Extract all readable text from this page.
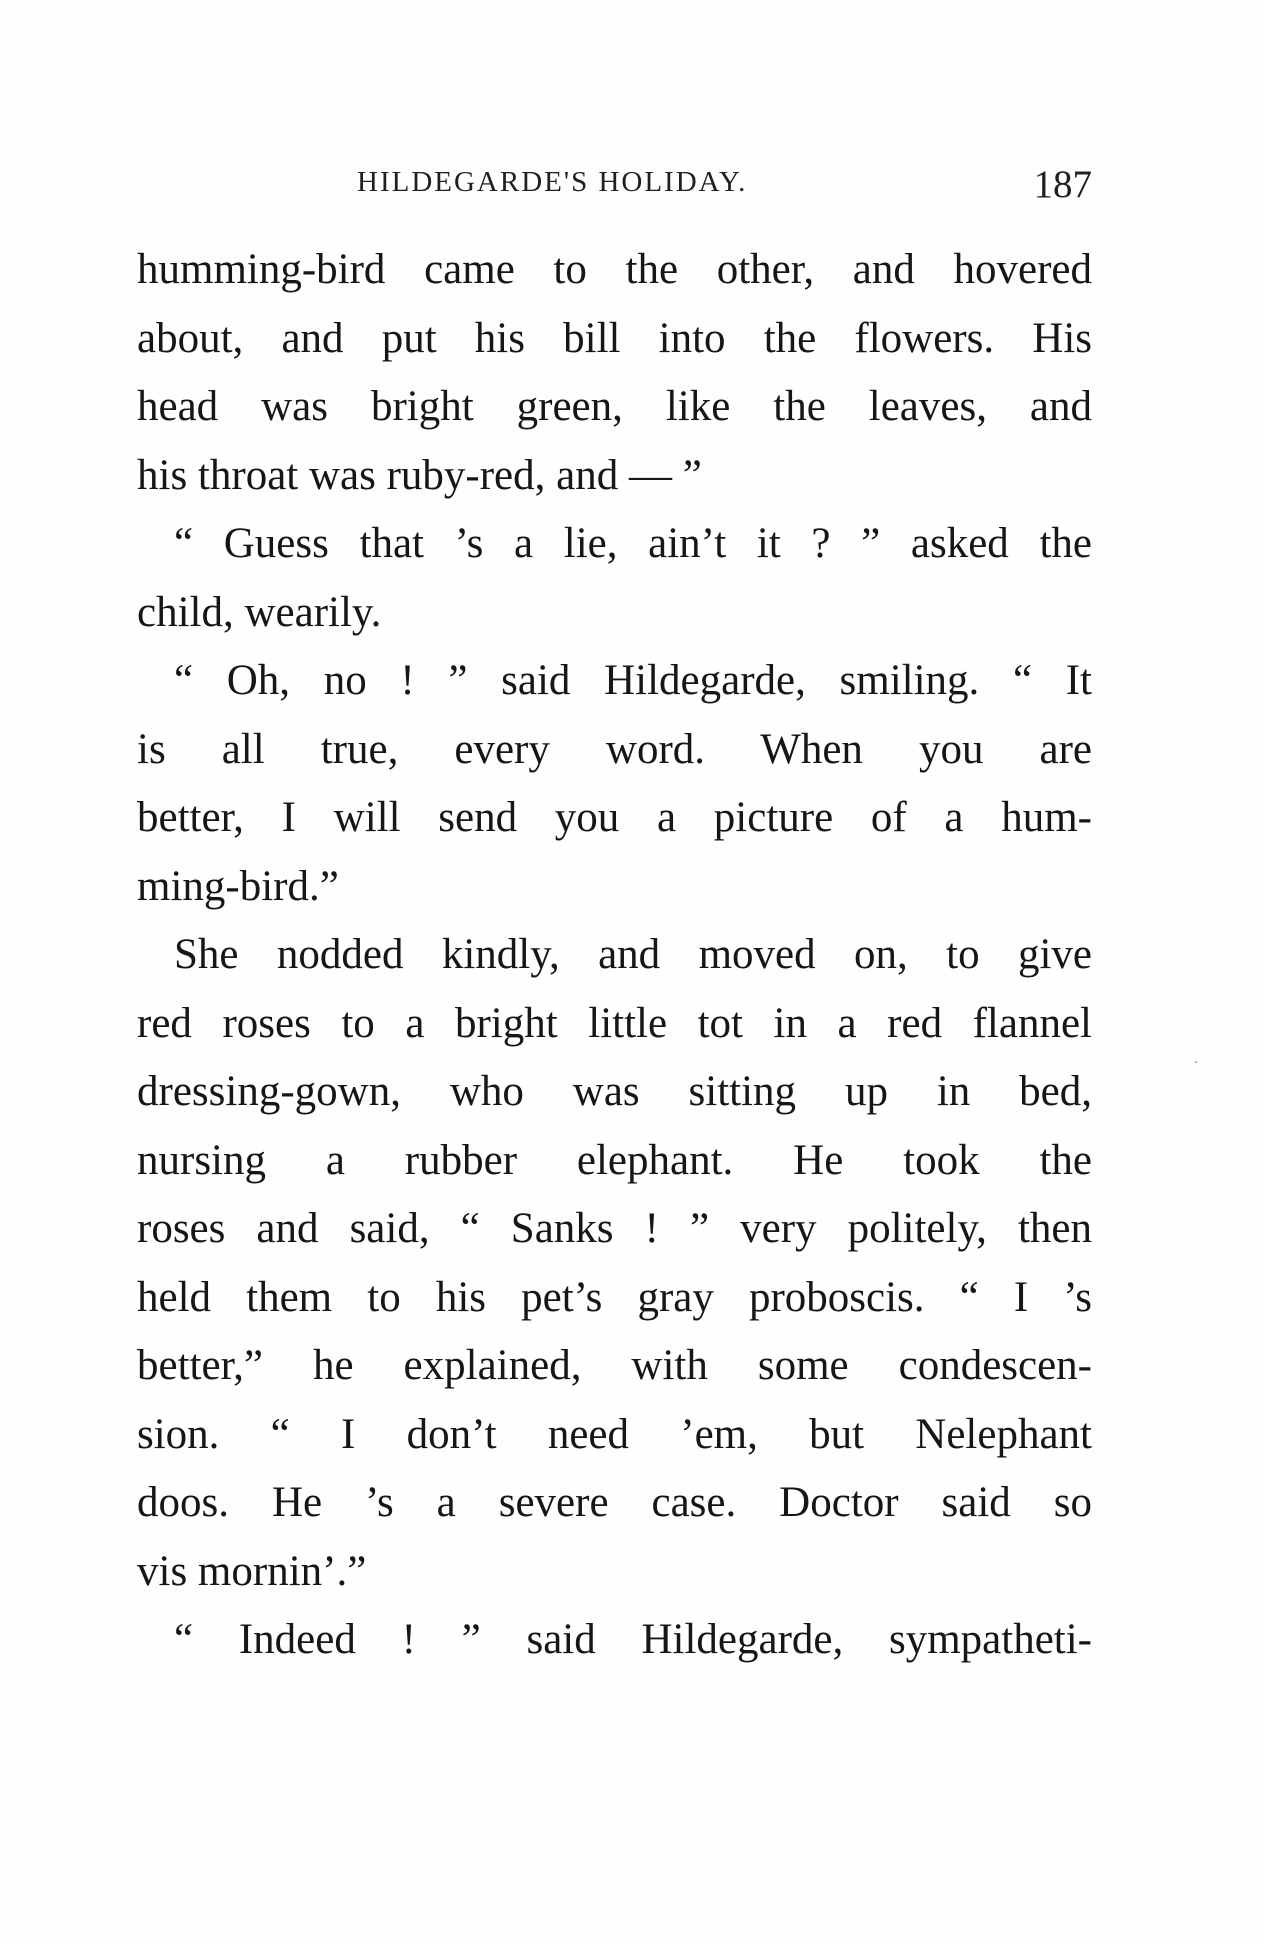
HILDEGARDE'S HOLIDAY.	187
humming-bird came to the other, and hovered
about, and put his bill into the flowers. His
head was bright green, like the leaves, and
his throat was ruby-red, and — ”
“ Guess that ’s a lie, ain’t it ? ” asked the
child, wearily.
“ Oh, no ! ” said Hildegarde, smiling. “ It
is all true, every word. When you are
better, I will send you a picture of a hum-
ming-bird.”
She nodded kindly, and moved on, to give
red roses to a bright little tot in a red flannel
dressing-gown, who was sitting up in bed,
nursing a rubber elephant. He took the
roses and said, “ Sanks ! ” very politely, then
held them to his pet’s gray proboscis. “ I ’s
better,” he explained, with some condescen-
sion. “ I don’t need ’em, but Nelephant
doos. He ’s a severe case. Doctor said so
vis mornin’.”
“ Indeed ! ” said Hildegarde, sympatheti-
·
